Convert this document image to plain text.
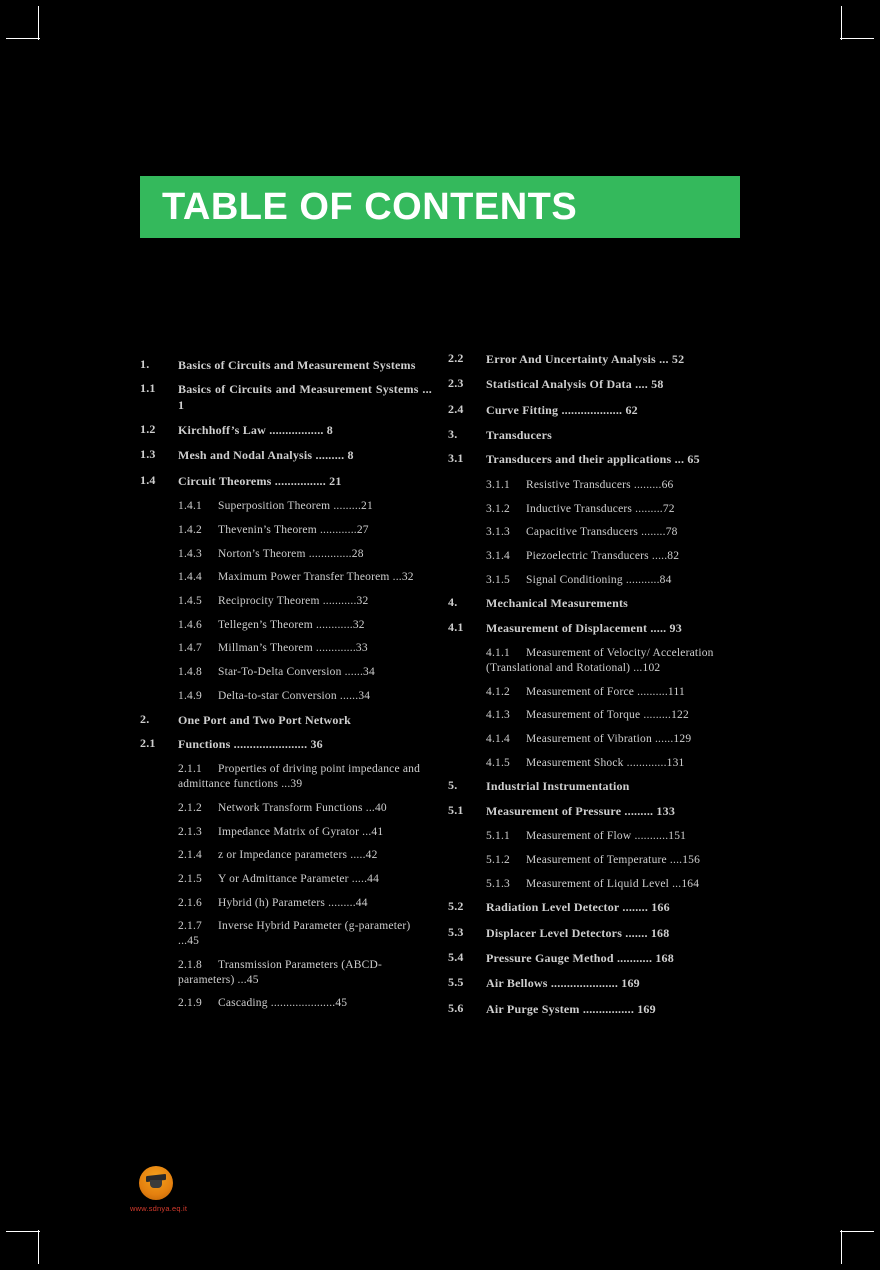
TABLE OF CONTENTS
1.	Basics of Circuits and Measurement Systems
1.1	Basics of Circuits and Measurement Systems ... 1
1.2	Kirchhoff’s Law ................. 8
1.3	Mesh and Nodal Analysis ......... 8
1.4	Circuit Theorems ................ 21
1.4.1 Superposition Theorem .........21
1.4.2 Thevenin’s Theorem ............27
1.4.3 Norton’s Theorem ..............28
1.4.4 Maximum Power Transfer Theorem ...32
1.4.5 Reciprocity Theorem ...........32
1.4.6 Tellegen’s Theorem ............32
1.4.7 Millman’s Theorem .............33
1.4.8 Star-To-Delta Conversion ......34
1.4.9 Delta-to-star Conversion ......34
2.	One Port and Two Port Network
2.1	Functions ....................... 36
2.1.1 Properties of driving point impedance and admittance functions ...39
2.1.2 Network Transform Functions ...40
2.1.3 Impedance Matrix of Gyrator ...41
2.1.4 z or Impedance parameters .....42
2.1.5 Y or Admittance Parameter .....44
2.1.6 Hybrid (h) Parameters .........44
2.1.7 Inverse Hybrid Parameter (g-parameter) ...45
2.1.8 Transmission Parameters (ABCD-parameters) ...45
2.1.9 Cascading .....................45
2.2	Error And Uncertainty Analysis ... 52
2.3	Statistical Analysis Of Data .... 58
2.4	Curve Fitting ................... 62
3.	Transducers
3.1	Transducers and their applications ... 65
3.1.1 Resistive Transducers .........66
3.1.2 Inductive Transducers .........72
3.1.3 Capacitive Transducers ........78
3.1.4 Piezoelectric Transducers .....82
3.1.5 Signal Conditioning ...........84
4.	Mechanical Measurements
4.1	Measurement of Displacement ..... 93
4.1.1 Measurement of Velocity/ Acceleration (Translational and Rotational) ...102
4.1.2 Measurement of Force ..........111
4.1.3 Measurement of Torque .........122
4.1.4 Measurement of Vibration ......129
4.1.5 Measurement Shock .............131
5.	Industrial Instrumentation
5.1	Measurement of Pressure ......... 133
5.1.1 Measurement of Flow ...........151
5.1.2 Measurement of Temperature ....156
5.1.3 Measurement of Liquid Level ...164
5.2	Radiation Level Detector ........ 166
5.3	Displacer Level Detectors ....... 168
5.4	Pressure Gauge Method ........... 168
5.5	Air Bellows ..................... 169
5.6	Air Purge System ................ 169
www.sdnya.eq.it
